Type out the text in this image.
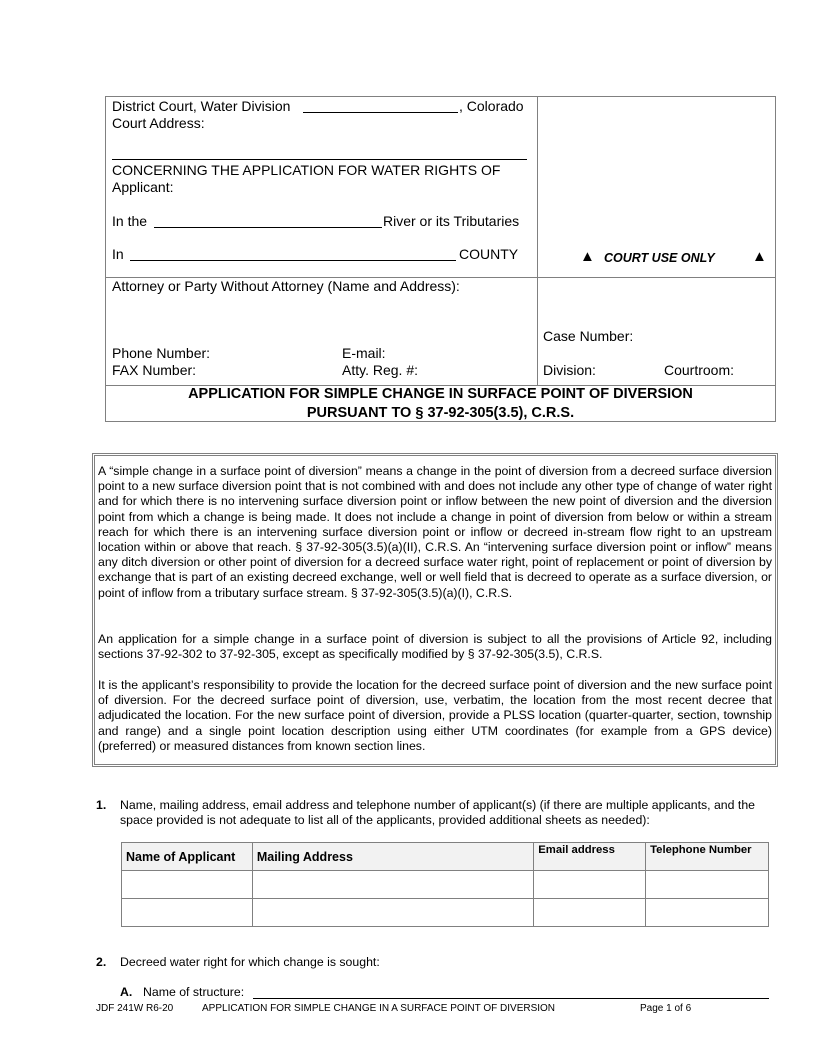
District Court, Water Division	, Colorado
Court Address:
CONCERNING THE APPLICATION FOR WATER RIGHTS OF
Applicant:
In the	River or its Tributaries
In	COUNTY	▲ COURT USE ONLY ▲
Attorney or Party Without Attorney (Name and Address):
Phone Number:	E-mail:
FAX Number:	Atty. Reg. #:
Case Number:
Division:	Courtroom:
APPLICATION FOR SIMPLE CHANGE IN SURFACE POINT OF DIVERSION
PURSUANT TO § 37-92-305(3.5), C.R.S.
A “simple change in a surface point of diversion” means a change in the point of diversion from a decreed surface diversion point to a new surface diversion point that is not combined with and does not include any other type of change of water right and for which there is no intervening surface diversion point or inflow between the new point of diversion and the diversion point from which a change is being made. It does not include a change in point of diversion from below or within a stream reach for which there is an intervening surface diversion point or inflow or decreed in-stream flow right to an upstream location within or above that reach. § 37-92-305(3.5)(a)(II), C.R.S. An “intervening surface diversion point or inflow” means any ditch diversion or other point of diversion for a decreed surface water right, point of replacement or point of diversion by exchange that is part of an existing decreed exchange, well or well field that is decreed to operate as a surface diversion, or point of inflow from a tributary surface stream. § 37-92-305(3.5)(a)(I), C.R.S.
An application for a simple change in a surface point of diversion is subject to all the provisions of Article 92, including sections 37-92-302 to 37-92-305, except as specifically modified by § 37-92-305(3.5), C.R.S.
It is the applicant’s responsibility to provide the location for the decreed surface point of diversion and the new surface point of diversion. For the decreed surface point of diversion, use, verbatim, the location from the most recent decree that adjudicated the location. For the new surface point of diversion, provide a PLSS location (quarter-quarter, section, township and range) and a single point location description using either UTM coordinates (for example from a GPS device) (preferred) or measured distances from known section lines.
1. Name, mailing address, email address and telephone number of applicant(s) (if there are multiple applicants, and the space provided is not adequate to list all of the applicants, provided additional sheets as needed):
Name of Applicant	Mailing Address	Email address	Telephone Number

2. Decreed water right for which change is sought:
A. Name of structure:
JDF 241W R6-20	APPLICATION FOR SIMPLE CHANGE IN A SURFACE POINT OF DIVERSION	Page 1 of 6
